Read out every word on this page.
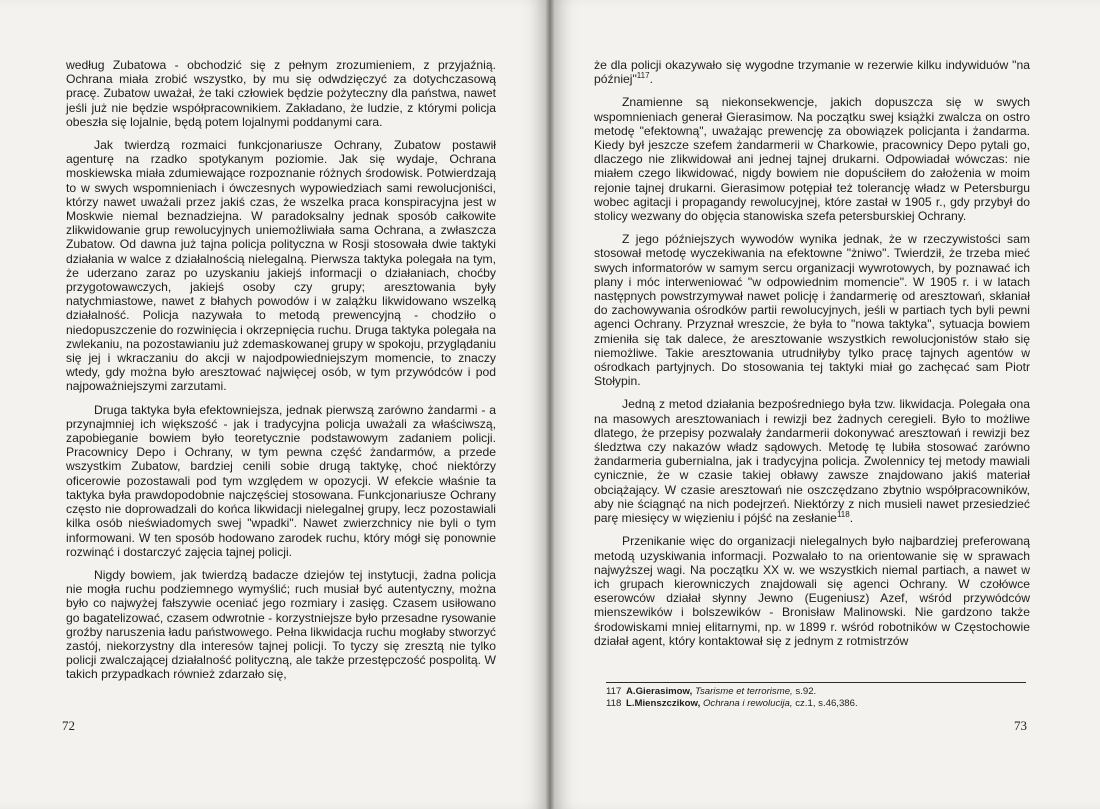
72	73

według Zubatowa - obchodzić się z pełnym zrozumieniem, z przyjaźnią. Ochrana miała zrobić wszystko, by mu się odwdzięczyć za dotychczasową pracę. Zubatow uważał, że taki człowiek będzie pożyteczny dla państwa, nawet jeśli już nie będzie współpracownikiem. Zakładano, że ludzie, z którymi policja obeszła się lojalnie, będą potem lojalnymi poddanymi cara.

Jak twierdzą rozmaici funkcjonariusze Ochrany, Zubatow postawił agenturę na rzadko spotykanym poziomie. Jak się wydaje, Ochrana moskiewska miała zdumiewające rozpoznanie różnych środowisk. Potwierdzają to w swych wspomnieniach i ówczesnych wypowiedziach sami rewolucjoniści, którzy nawet uważali przez jakiś czas, że wszelka praca konspiracyjna jest w Moskwie niemal beznadziejna. W paradoksalny jednak sposób całkowite zlikwidowanie grup rewolucyjnych uniemożliwiała sama Ochrana, a zwłaszcza Zubatow. Od dawna już tajna policja polityczna w Rosji stosowała dwie taktyki działania w walce z działalnością nielegalną. Pierwsza taktyka polegała na tym, że uderzano zaraz po uzyskaniu jakiejś informacji o działaniach, choćby przygotowawczych, jakiejś osoby czy grupy; aresztowania były natychmiastowe, nawet z błahych powodów i w zalążku likwidowano wszelką działalność. Policja nazywała to metodą prewencyjną - chodziło o niedopuszczenie do rozwinięcia i okrzepnięcia ruchu. Druga taktyka polegała na zwlekaniu, na pozostawianiu już zdemaskowanej grupy w spokoju, przyglądaniu się jej i wkraczaniu do akcji w najodpowiedniejszym momencie, to znaczy wtedy, gdy można było aresztować najwięcej osób, w tym przywódców i pod najpoważniejszymi zarzutami.

Druga taktyka była efektowniejsza, jednak pierwszą zarówno żandarmi - a przynajmniej ich większość - jak i tradycyjna policja uważali za właściwszą, zapobieganie bowiem było teoretycznie podstawowym zadaniem policji. Pracownicy Depo i Ochrany, w tym pewna część żandarmów, a przede wszystkim Zubatow, bardziej cenili sobie drugą taktykę, choć niektórzy oficerowie pozostawali pod tym względem w opozycji. W efekcie właśnie ta taktyka była prawdopodobnie najczęściej stosowana. Funkcjonariusze Ochrany często nie doprowadzali do końca likwidacji nielegalnej grupy, lecz pozostawiali kilka osób nieświadomych swej "wpadki". Nawet zwierzchnicy nie byli o tym informowani. W ten sposób hodowano zarodek ruchu, który mógł się ponownie rozwinąć i dostarczyć zajęcia tajnej policji.

Nigdy bowiem, jak twierdzą badacze dziejów tej instytucji, żadna policja nie mogła ruchu podziemnego wymyślić; ruch musiał być autentyczny, można było co najwyżej fałszywie oceniać jego rozmiary i zasięg. Czasem usiłowano go bagatelizować, czasem odwrotnie - korzystniejsze było przesadne rysowanie groźby naruszenia ładu państwowego. Pełna likwidacja ruchu mogłaby stworzyć zastój, niekorzystny dla interesów tajnej policji. To tyczy się zresztą nie tylko policji zwalczającej działalność polityczną, ale także przestępczość pospolitą. W takich przypadkach również zdarzało się,

że dla policji okazywało się wygodne trzymanie w rezerwie kilku indywiduów "na później"$^{117}$.

Znamienne są niekonsekwencje, jakich dopuszcza się w swych wspomnieniach generał Gierasimow. Na początku swej książki zwalcza on ostro metodę "efektowną", uważając prewencję za obowiązek policjanta i żandarma. Kiedy był jeszcze szefem żandarmerii w Charkowie, pracownicy Depo pytali go, dlaczego nie zlikwidował ani jednej tajnej drukarni. Odpowiadał wówczas: nie miałem czego likwidować, nigdy bowiem nie dopuściłem do założenia w moim rejonie tajnej drukarni. Gierasimow potępiał też tolerancję władz w Petersburgu wobec agitacji i propagandy rewolucyjnej, które zastał w 1905 r., gdy przybył do stolicy wezwany do objęcia stanowiska szefa petersburskiej Ochrany.

Z jego późniejszych wywodów wynika jednak, że w rzeczywistości sam stosował metodę wyczekiwania na efektowne "żniwo". Twierdził, że trzeba mieć swych informatorów w samym sercu organizacji wywrotowych, by poznawać ich plany i móc interweniować "w odpowiednim momencie". W 1905 r. i w latach następnych powstrzymywał nawet policję i żandarmerię od aresztowań, skłaniał do zachowywania ośrodków partii rewolucyjnych, jeśli w partiach tych byli pewni agenci Ochrany. Przyznał wreszcie, że była to "nowa taktyka", sytuacja bowiem zmieniła się tak dalece, że aresztowanie wszystkich rewolucjonistów stało się niemożliwe. Takie aresztowania utrudniłyby tylko pracę tajnych agentów w ośrodkach partyjnych. Do stosowania tej taktyki miał go zachęcać sam Piotr Stołypin.

Jedną z metod działania bezpośredniego była tzw. likwidacja. Polegała ona na masowych aresztowaniach i rewizji bez żadnych ceregieli. Było to możliwe dlatego, że przepisy pozwalały żandarmerii dokonywać aresztowań i rewizji bez śledztwa czy nakazów władz sądowych. Metodę tę lubiła stosować zarówno żandarmeria gubernialna, jak i tradycyjna policja. Zwolennicy tej metody mawiali cynicznie, że w czasie takiej obławy zawsze znajdowano jakiś materiał obciążający. W czasie aresztowań nie oszczędzano zbytnio współpracowników, aby nie ściągnąć na nich podejrzeń. Niektórzy z nich musieli nawet przesiedzieć parę miesięcy w więzieniu i pójść na zesłanie$^{118}$.

Przenikanie więc do organizacji nielegalnych było najbardziej preferowaną metodą uzyskiwania informacji. Pozwalało to na orientowanie się w sprawach najwyższej wagi. Na początku XX w. we wszystkich niemal partiach, a nawet w ich grupach kierowniczych znajdowali się agenci Ochrany. W czołówce eserowców działał słynny Jewno (Eugeniusz) Azef, wśród przywódców mienszewików i bolszewików - Bronisław Malinowski. Nie gardzono także środowiskami mniej elitarnymi, np. w 1899 r. wśród robotników w Częstochowie działał agent, który kontaktował się z jednym z rotmistrzów

117 A.Gierasimow, Tsarisme et terrorisme, s.92.
118 L.Mienszczikow, Ochrana i rewolucija, cz.1, s.46,386.
